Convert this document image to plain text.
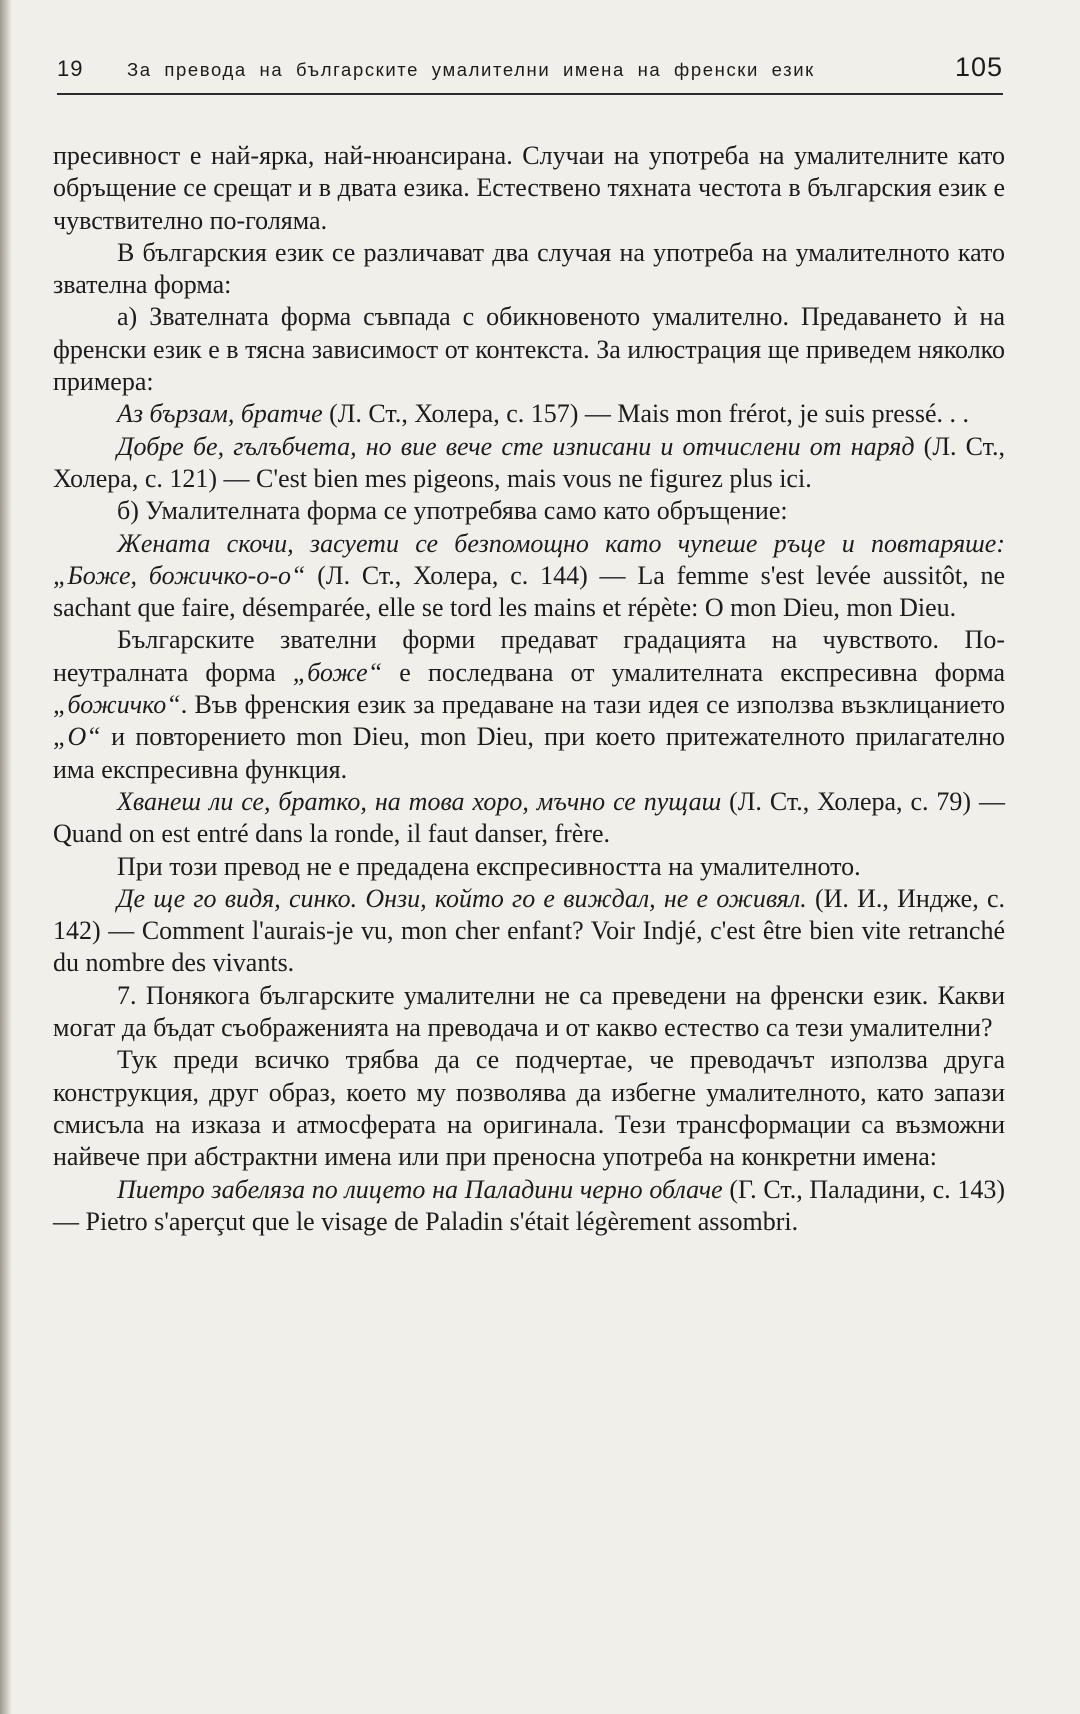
19 За превода на българските умалителни имена на френски език	105

пресивност е най-ярка, най-нюансирана. Случаи на употреба на умалителните като обръщение се срещат и в двата езика. Естествено тяхната честота в българския език е чувствително по-голяма.

В българския език се различават два случая на употреба на умалителното като звателна форма:

а) Звателната форма съвпада с обикновеното умалително. Предаването ѝ на френски език е в тясна зависимост от контекста. За илюстрация ще приведем няколко примера:

Аз бързам, братче (Л. Ст., Холера, с. 157) — Mais mon frérot, je suis pressé. . .

Добре бе, гълъбчета, но вие вече сте изписани и отчислени от наряд (Л. Ст., Холера, с. 121) — C'est bien mes pigeons, mais vous ne figurez plus ici.

б) Умалителната форма се употребява само като обръщение:

Жената скочи, засуети се безпомощно като чупеше ръце и повтаряше: „Боже, божичко-о-о“ (Л. Ст., Холера, с. 144) — La femme s'est levée aussitôt, ne sachant que faire, désemparée, elle se tord les mains et répète: O mon Dieu, mon Dieu.

Българските звателни форми предават градацията на чувството. По-неутралната форма „боже“ е последвана от умалителната експресивна форма „божичко“. Във френския език за предаване на тази идея се използва възклицанието „О“ и повторението mon Dieu, mon Dieu, при което притежателното прилагателно има експресивна функция.

Хванеш ли се, братко, на това хоро, мъчно се пущаш (Л. Ст., Холера, с. 79) — Quand on est entré dans la ronde, il faut danser, frère.

При този превод не е предадена експресивността на умалителното.

Де ще го видя, синко. Онзи, който го е виждал, не е оживял. (И. И., Индже, с. 142) — Comment l'aurais-je vu, mon cher enfant? Voir Indjé, c'est être bien vite retranché du nombre des vivants.

7. Понякога българските умалителни не са преведени на френски език. Какви могат да бъдат съображенията на преводача и от какво естество са тези умалителни?

Тук преди всичко трябва да се подчертае, че преводачът използва друга конструкция, друг образ, което му позволява да избегне умалителното, като запази смисъла на изказа и атмосферата на оригинала. Тези трансформации са възможни найвече при абстрактни имена или при преносна употреба на конкретни имена:

Пиетро забеляза по лицето на Паладини черно облаче (Г. Ст., Паладини, с. 143) — Pietro s'aperçut que le visage de Paladin s'était légèrement assombri.
